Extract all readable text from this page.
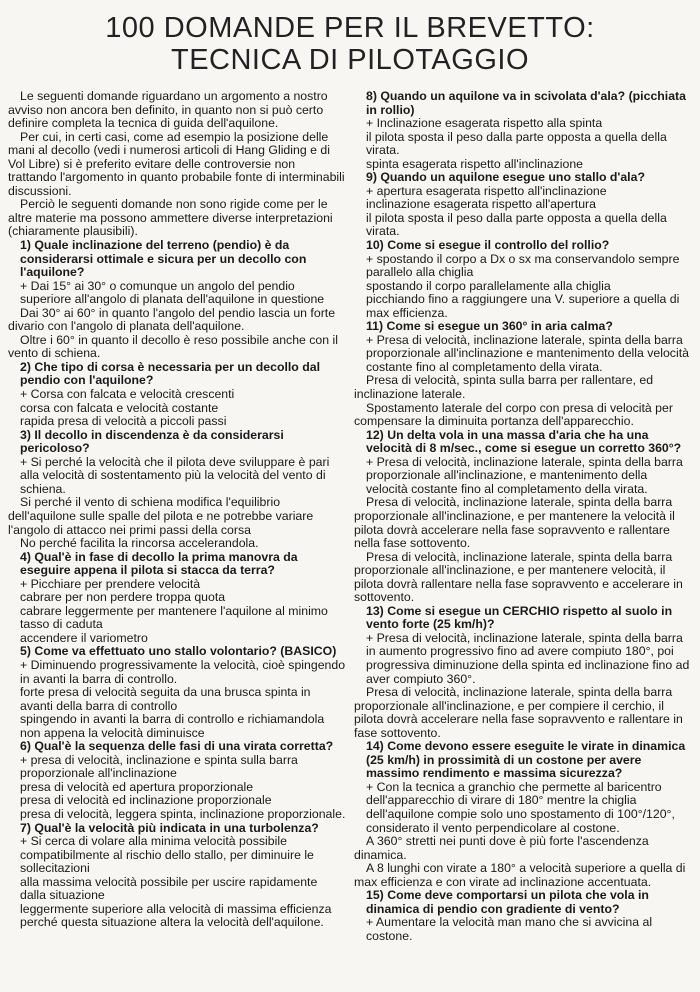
100 DOMANDE PER IL BREVETTO:
TECNICA DI PILOTAGGIO

Le seguenti domande riguardano un argomento a nostro avviso non ancora ben definito, in quanto non si può certo definire completa la tecnica di guida dell'aquilone.

Per cui, in certi casi, come ad esempio la posizione delle mani al decollo (vedi i numerosi articoli di Hang Gliding e di Vol Libre) si è preferito evitare delle controversie non trattando l'argomento in quanto probabile fonte di interminabili discussioni.

Perciò le seguenti domande non sono rigide come per le altre materie ma possono ammettere diverse interpretazioni (chiaramente plausibili).

1) Quale inclinazione del terreno (pendio) è da considerarsi ottimale e sicura per un decollo con l'aquilone?

+ Dai 15° ai 30° o comunque un angolo del pendio superiore all'angolo di planata dell'aquilone in questione

Dai 30° ai 60° in quanto l'angolo del pendio lascia un forte divario con l'angolo di planata dell'aquilone.

Oltre i 60° in quanto il decollo è reso possibile anche con il vento di schiena.

2) Che tipo di corsa è necessaria per un decollo dal pendio con l'aquilone?

+ Corsa con falcata e velocità crescenti

corsa con falcata e velocità costante

rapida presa di velocità a piccoli passi

3) Il decollo in discendenza è da considerarsi pericoloso?

+ Si perché la velocità che il pilota deve sviluppare è pari alla velocità di sostentamento più la velocità del vento di schiena.

Si perché il vento di schiena modifica l'equilibrio dell'aquilone sulle spalle del pilota e ne potrebbe variare l'angolo di attacco nei primi passi della corsa

No perché facilita la rincorsa accelerandola.

4) Qual'è in fase di decollo la prima manovra da eseguire appena il pilota si stacca da terra?

+ Picchiare per prendere velocità

cabrare per non perdere troppa quota

cabrare leggermente per mantenere l'aquilone al minimo tasso di caduta

accendere il variometro

5) Come va effettuato uno stallo volontario? (BASICO)

+ Diminuendo progressivamente la velocità, cioè spingendo in avanti la barra di controllo.

forte presa di velocità seguita da una brusca spinta in avanti della barra di controllo

spingendo in avanti la barra di controllo e richiamandola non appena la velocità diminuisce

6) Qual'è la sequenza delle fasi di una virata corretta?

+ presa di velocità, inclinazione e spinta sulla barra proporzionale all'inclinazione

presa di velocità ed apertura proporzionale

presa di velocità ed inclinazione proporzionale

presa di velocità, leggera spinta, inclinazione proporzionale.

7) Qual'è la velocità più indicata in una turbolenza?

+ Si cerca di volare alla minima velocità possibile compatibilmente al rischio dello stallo, per diminuire le sollecitazioni

alla massima velocità possibile per uscire rapidamente dalla situazione

leggermente superiore alla velocità di massima efficienza perché questa situazione altera la velocità dell'aquilone.

8) Quando un aquilone va in scivolata d'ala? (picchiata in rollio)

+ Inclinazione esagerata rispetto alla spinta

il pilota sposta il peso dalla parte opposta a quella della virata.

spinta esagerata rispetto all'inclinazione

9) Quando un aquilone esegue uno stallo d'ala?

+ apertura esagerata rispetto all'inclinazione

inclinazione esagerata rispetto all'apertura

il pilota sposta il peso dalla parte opposta a quella della virata.

10) Come si esegue il controllo del rollio?

+ spostando il corpo a Dx o sx ma conservandolo sempre parallelo alla chiglia

spostando il corpo parallelamente alla chiglia

picchiando fino a raggiungere una V. superiore a quella di max efficienza.

11) Come si esegue un 360° in aria calma?

+ Presa di velocità, inclinazione laterale, spinta della barra proporzionale all'inclinazione e mantenimento della velocità costante fino al completamento della virata.

Presa di velocità, spinta sulla barra per rallentare, ed inclinazione laterale.

Spostamento laterale del corpo con presa di velocità per compensare la diminuita portanza dell'apparecchio.

12) Un delta vola in una massa d'aria che ha una velocità di 8 m/sec., come si esegue un corretto 360°?

+ Presa di velocità, inclinazione laterale, spinta della barra proporzionale all'inclinazione, e mantenimento della velocità costante fino al completamento della virata.

Presa di velocità, inclinazione laterale, spinta della barra proporzionale all'inclinazione, e per mantenere la velocità il pilota dovrà accelerare nella fase sopravvento e rallentare nella fase sottovento.

Presa di velocità, inclinazione laterale, spinta della barra proporzionale all'inclinazione, e per mantenere velocità, il pilota dovrà rallentare nella fase sopravvento e accelerare in sottovento.

13) Come si esegue un CERCHIO rispetto al suolo in vento forte (25 km/h)?

+ Presa di velocità, inclinazione laterale, spinta della barra in aumento progressivo fino ad avere compiuto 180°, poi progressiva diminuzione della spinta ed inclinazione fino ad aver compiuto 360°.

Presa di velocità, inclinazione laterale, spinta della barra proporzionale all'inclinazione, e per compiere il cerchio, il pilota dovrà accelerare nella fase sopravvento e rallentare in fase sottovento.

14) Come devono essere eseguite le virate in dinamica (25 km/h) in prossimità di un costone per avere massimo rendimento e massima sicurezza?

+ Con la tecnica a granchio che permette al baricentro dell'apparecchio di virare di 180° mentre la chiglia dell'aquilone compie solo uno spostamento di 100°/120°, considerato il vento perpendicolare al costone.

A 360° stretti nei punti dove è più forte l'ascendenza dinamica.

A 8 lunghi con virate a 180° a velocità superiore a quella di max efficienza e con virate ad inclinazione accentuata.

15) Come deve comportarsi un pilota che vola in dinamica di pendio con gradiente di vento?

+ Aumentare la velocità man mano che si avvicina al costone.
